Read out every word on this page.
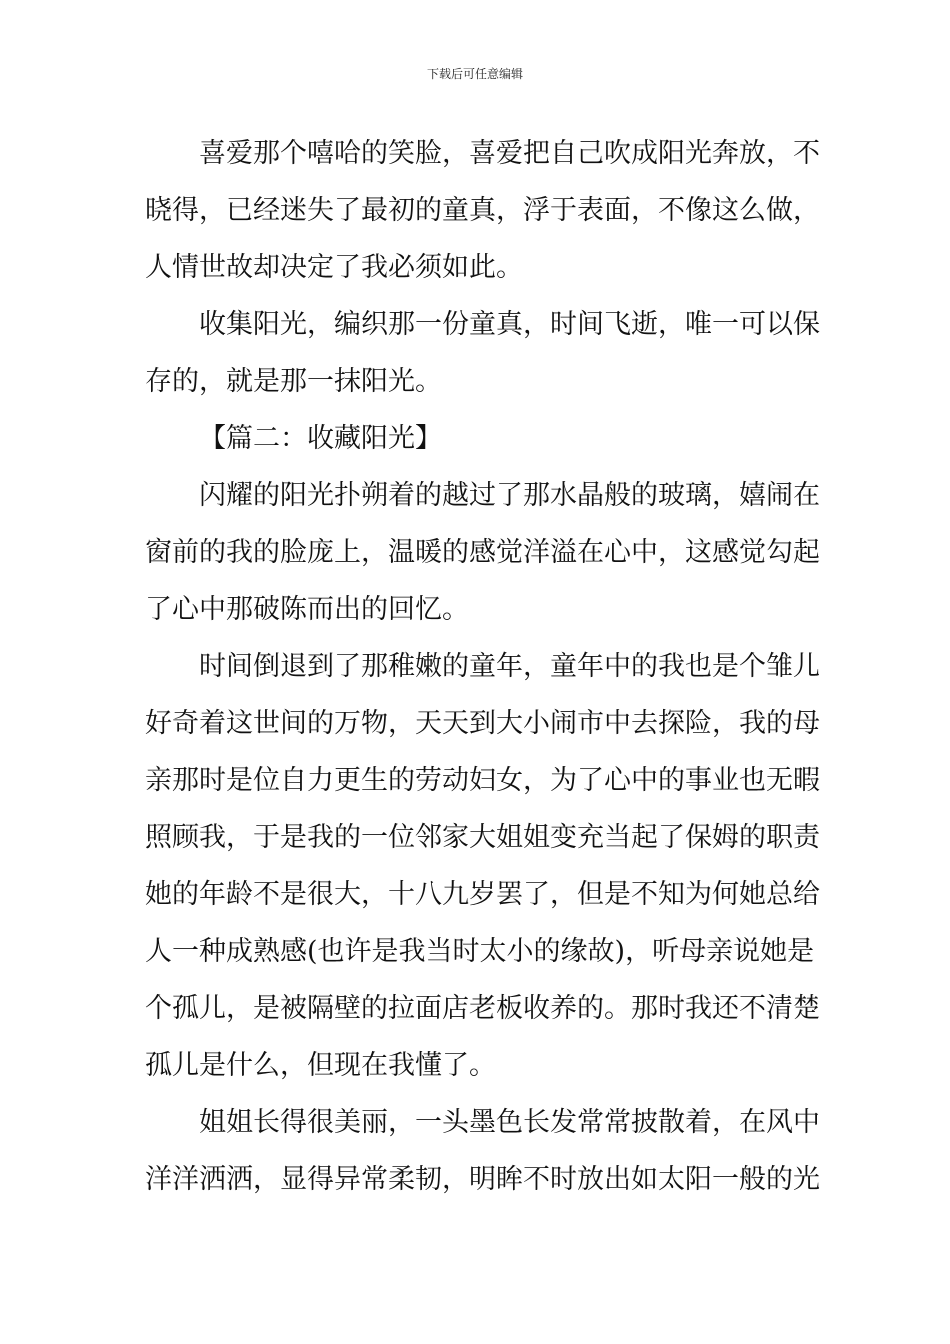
下载后可任意编辑
喜爱那个嘻哈的笑脸，喜爱把自己吹成阳光奔放，不
晓得，已经迷失了最初的童真，浮于表面，不像这么做，
人情世故却决定了我必须如此。
收集阳光，编织那一份童真，时间飞逝，唯一可以保
存的，就是那一抹阳光。
【篇二：收藏阳光】
闪耀的阳光扑朔着的越过了那水晶般的玻璃，嬉闹在
窗前的我的脸庞上，温暖的感觉洋溢在心中，这感觉勾起
了心中那破陈而出的回忆。
时间倒退到了那稚嫩的童年，童年中的我也是个雏儿
好奇着这世间的万物，天天到大小闹市中去探险，我的母
亲那时是位自力更生的劳动妇女，为了心中的事业也无暇
照顾我，于是我的一位邻家大姐姐变充当起了保姆的职责
她的年龄不是很大，十八九岁罢了，但是不知为何她总给
人一种成熟感(也许是我当时太小的缘故)，听母亲说她是
个孤儿，是被隔壁的拉面店老板收养的。那时我还不清楚
孤儿是什么，但现在我懂了。
姐姐长得很美丽，一头墨色长发常常披散着，在风中
洋洋洒洒，显得异常柔韧，明眸不时放出如太阳一般的光
